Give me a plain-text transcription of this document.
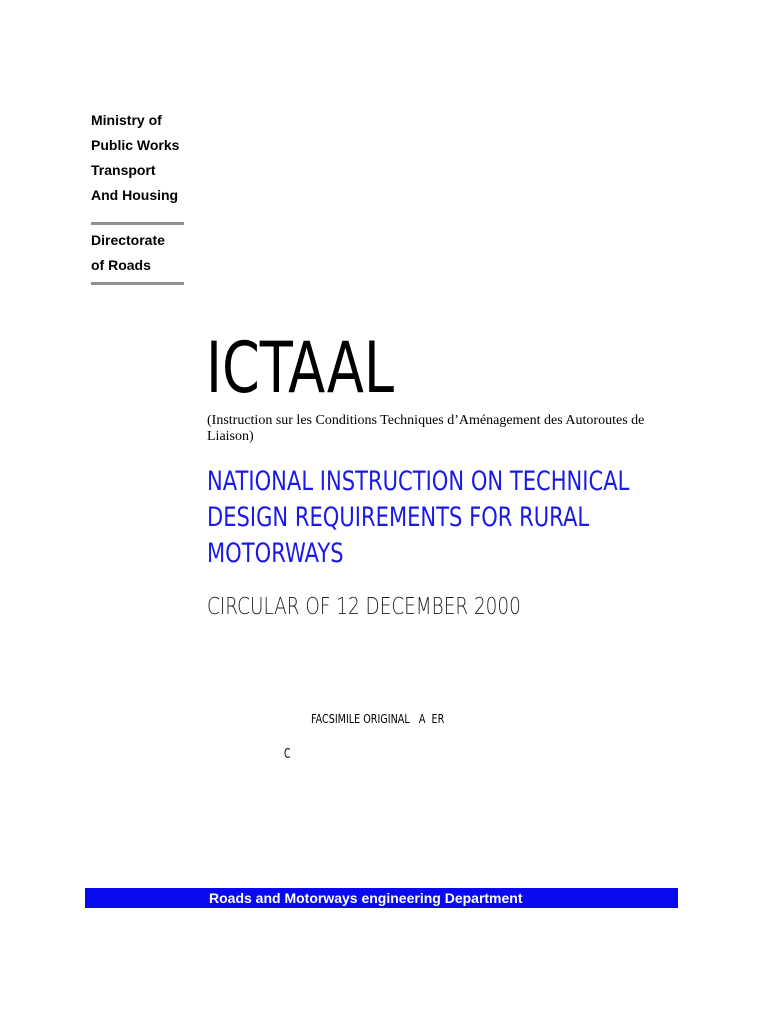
Ministry of
Public Works
Transport
And Housing
Directorate
of Roads
ICTAAL
(Instruction sur les Conditions Techniques d’Aménagement des Autoroutes de Liaison)
NATIONAL INSTRUCTION ON TECHNICAL
DESIGN REQUIREMENTS FOR RURAL
MOTORWAYS
CIRCULAR OF 12 DECEMBER 2000
FACSIMILE ORIGINAL   A  ER
C
Roads and Motorways engineering Department
